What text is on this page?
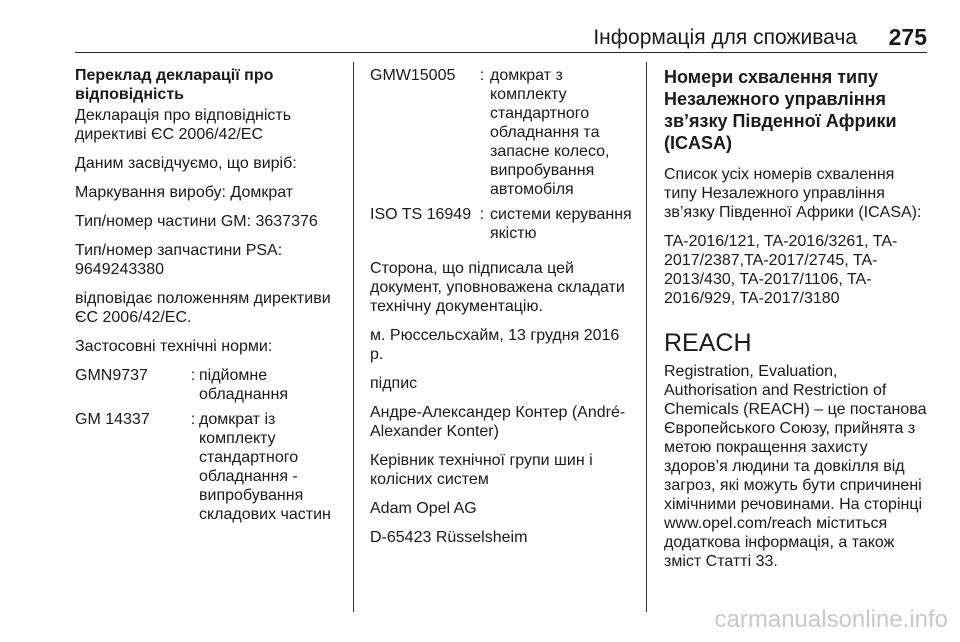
Інформація для споживача 275
Переклад декларації про відповідність

Декларація про відповідність директиві ЄС 2006/42/ЕС

Даним засвідчуємо, що виріб:

Маркування виробу: Домкрат

Тип/номер частини GM: 3637376

Тип/номер запчастини PSA: 9649243380

відповідає положенням директиви ЄС 2006/42/ЕС.

Застосовні технічні норми:

GMN9737	:	підйомне обладнання
GM 14337	:	домкрат із комплекту стандартного обладнання - випробування складових частин
GMW15005	:	домкрат з комплекту стандартного обладнання та запасне колесо, випробування автомобіля
ISO TS 16949	:	системи керування якістю

Сторона, що підписала цей документ, уповноважена складати технічну документацію.

м. Рюссельсхайм, 13 грудня 2016 р.

підпис

Андре-Александер Контер (André-Alexander Konter)

Керівник технічної групи шин і колісних систем

Adam Opel AG

D-65423 Rüsselsheim

Номери схвалення типу Незалежного управління зв’язку Південної Африки (ICASA)

Список усіх номерів схвалення типу Незалежного управління зв’язку Південної Африки (ICASA):

TA-2016/121, TA-2016/3261, TA-2017/2387,TA-2017/2745, TA-2013/430, TA-2017/1106, TA-2016/929, TA-2017/3180

REACH

Registration, Evaluation, Authorisation and Restriction of Chemicals (REACH) – це постанова Європейського Союзу, прийнята з метою покращення захисту здоров’я людини та довкілля від загроз, які можуть бути спричинені хімічними речовинами. На сторінці www.opel.com/reach міститься додаткова інформація, а також зміст Статті 33.

carmanualsonline.info
